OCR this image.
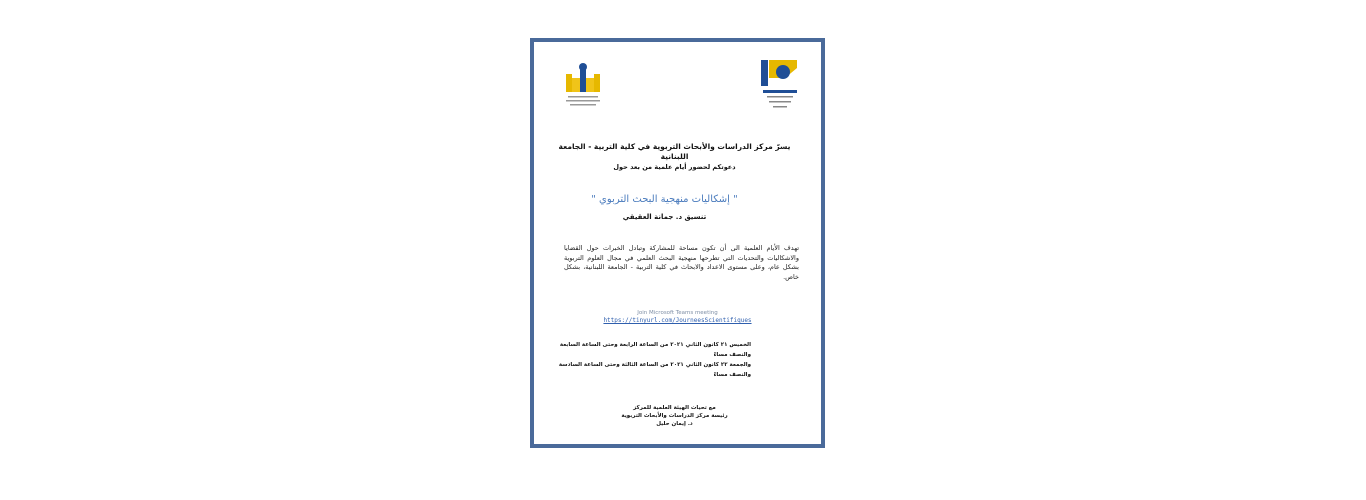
يسرّ مركز الدراسات والأبحاث التربوية في كلية التربية - الجامعة اللبنانية
دعوتكم لحضور أيام علمية من بعد حول
" إشكاليات منهجية البحث التربوي "
تنسيق د. جمانة العقيقي
تهدف الأيام العلمية الى أن تكون مساحة للمشاركة وتبادل الخبرات حول القضايا والاشكاليات والتحديات التي تطرحها منهجية البحث العلمي في مجال العلوم التربوية بشكل عام، وعلى مستوى الاعداد والابحاث في كلية التربية - الجامعة اللبنانية، بشكل خاص.
Join Microsoft Teams meeting
https://tinyurl.com/JourneesScientifiques
الخميس ٢١ كانون الثاني ٢٠٢١ من الساعة الرابعة وحتى الساعة السابعة والنصف مساءً
والجمعة ٢٢ كانون الثاني ٢٠٢١ من الساعة الثالثة وحتى الساعة السادسة والنصف مساءً
مع تحيات الهيئة العلمية للمركز
رئيسة مركز الدراسات والأبحاث التربوية
د. إيمان حليل
